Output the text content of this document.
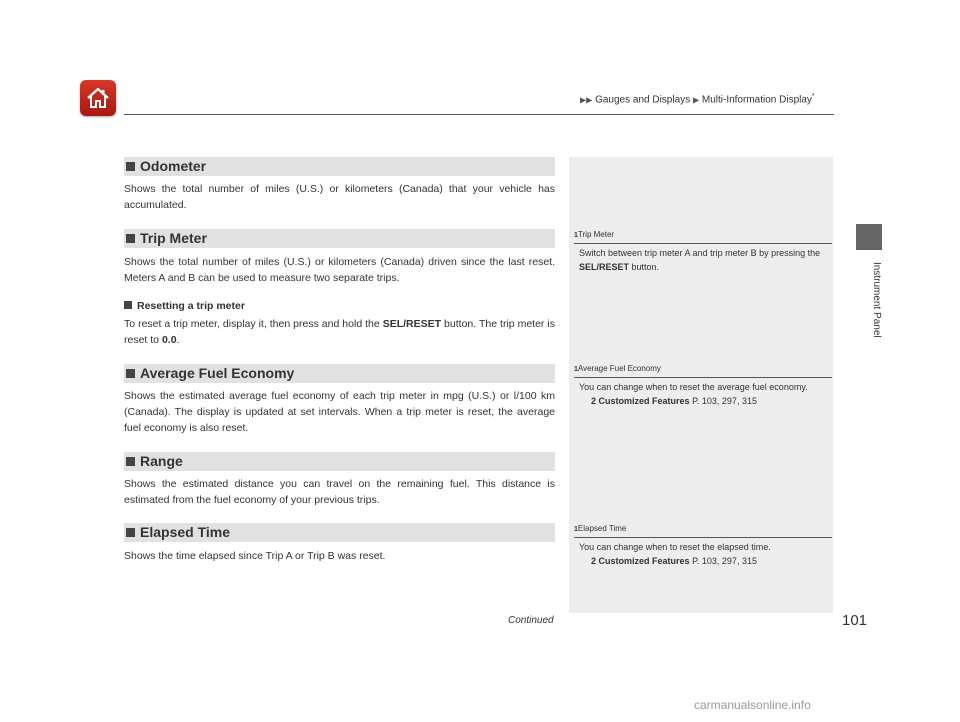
▶▶ Gauges and Displays ▶ Multi-Information Display*
Instrument Panel
1Trip Meter
Switch between trip meter A and trip meter B by pressing the SEL/RESET button.
1Average Fuel Economy
You can change when to reset the average fuel economy.
2 Customized Features P. 103, 297, 315
1Elapsed Time
You can change when to reset the elapsed time.
2 Customized Features P. 103, 297, 315
Odometer
Shows the total number of miles (U.S.) or kilometers (Canada) that your vehicle has accumulated.
Trip Meter
Shows the total number of miles (U.S.) or kilometers (Canada) driven since the last reset. Meters A and B can be used to measure two separate trips.
Resetting a trip meter
To reset a trip meter, display it, then press and hold the SEL/RESET button. The trip meter is reset to 0.0.
Average Fuel Economy
Shows the estimated average fuel economy of each trip meter in mpg (U.S.) or l/100 km (Canada). The display is updated at set intervals. When a trip meter is reset, the average fuel economy is also reset.
Range
Shows the estimated distance you can travel on the remaining fuel. This distance is estimated from the fuel economy of your previous trips.
Elapsed Time
Shows the time elapsed since Trip A or Trip B was reset.
Continued	101
carmanualsonline.info
